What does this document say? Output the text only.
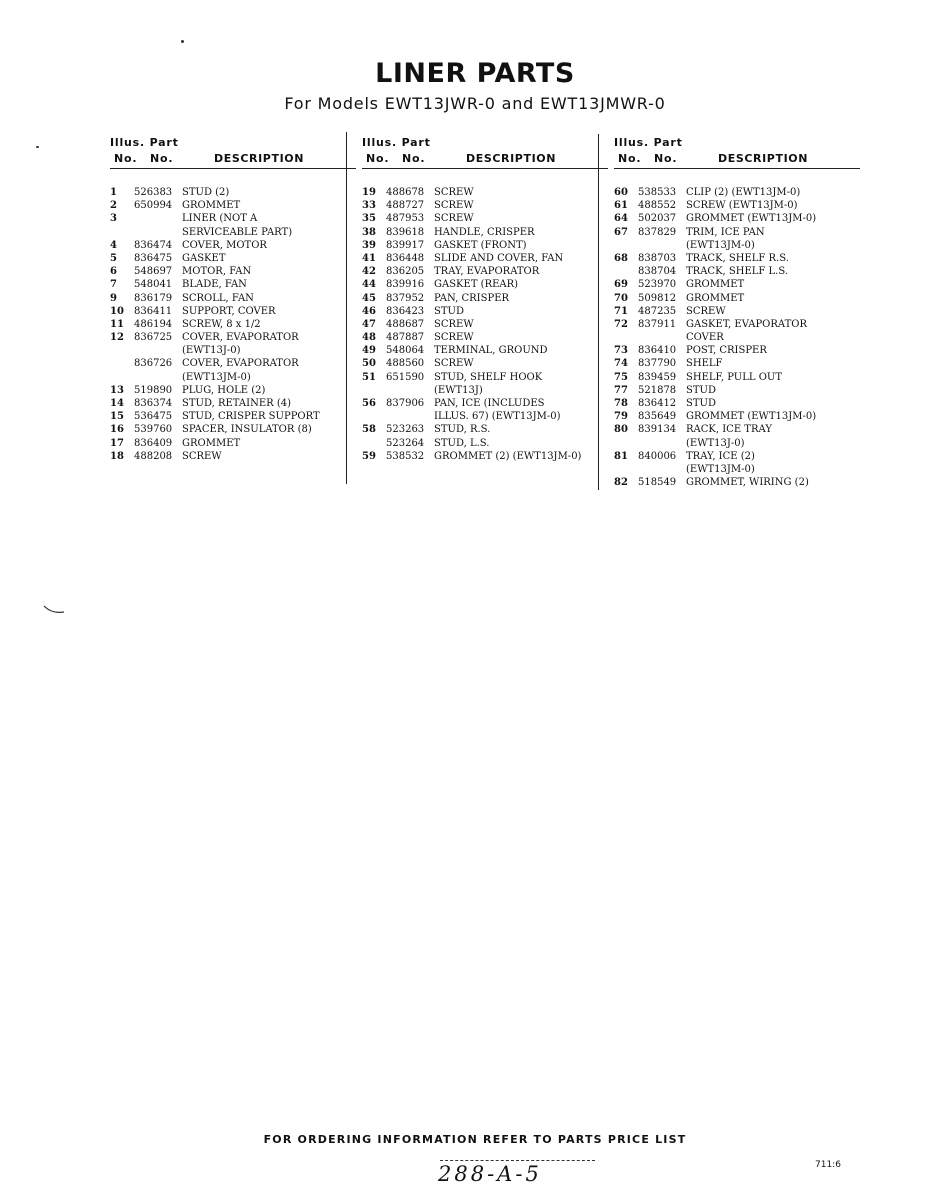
LINER PARTS
For Models EWT13JWR-0 and EWT13JMWR-0
Illus. Part
No. No.	DESCRIPTION
1	526383 STUD (2)
2	650994 GROMMET
3	LINER (NOT A
SERVICEABLE PART)
4	836474 COVER, MOTOR
5	836475 GASKET
6	548697 MOTOR, FAN
7	548041 BLADE, FAN
9	836179 SCROLL, FAN
10	836411 SUPPORT, COVER
11	486194 SCREW, 8 x 1/2
12	836725 COVER, EVAPORATOR
(EWT13J-0)
836726 COVER, EVAPORATOR
(EWT13JM-0)
13	519890 PLUG, HOLE (2)
14	836374 STUD, RETAINER (4)
15	536475 STUD, CRISPER SUPPORT
16	539760 SPACER, INSULATOR (8)
17	836409 GROMMET
18	488208 SCREW
Illus. Part
No. No.	DESCRIPTION
19	488678 SCREW
33	488727 SCREW
35	487953 SCREW
38	839618 HANDLE, CRISPER
39	839917 GASKET (FRONT)
41	836448 SLIDE AND COVER, FAN
42	836205 TRAY, EVAPORATOR
44	839916 GASKET (REAR)
45	837952 PAN, CRISPER
46	836423 STUD
47	488687 SCREW
48	487887 SCREW
49	548064 TERMINAL, GROUND
50	488560 SCREW
51	651590 STUD, SHELF HOOK
(EWT13J)
56	837906 PAN, ICE (INCLUDES
ILLUS. 67) (EWT13JM-0)
58	523263 STUD, R.S.
523264 STUD, L.S.
59	538532 GROMMET (2) (EWT13JM-0)
Illus. Part
No. No.	DESCRIPTION
60	538533 CLIP (2) (EWT13JM-0)
61	488552 SCREW (EWT13JM-0)
64	502037 GROMMET (EWT13JM-0)
67	837829 TRIM, ICE PAN
(EWT13JM-0)
68	838703 TRACK, SHELF R.S.
838704 TRACK, SHELF L.S.
69	523970 GROMMET
70	509812 GROMMET
71	487235 SCREW
72	837911 GASKET, EVAPORATOR
COVER
73	836410 POST, CRISPER
74	837790 SHELF
75	839459 SHELF, PULL OUT
77	521878 STUD
78	836412 STUD
79	835649 GROMMET (EWT13JM-0)
80	839134 RACK, ICE TRAY
(EWT13J-0)
81	840006 TRAY, ICE (2)
(EWT13JM-0)
82	518549 GROMMET, WIRING (2)
FOR ORDERING INFORMATION REFER TO PARTS PRICE LIST
288-A-5	711:6
